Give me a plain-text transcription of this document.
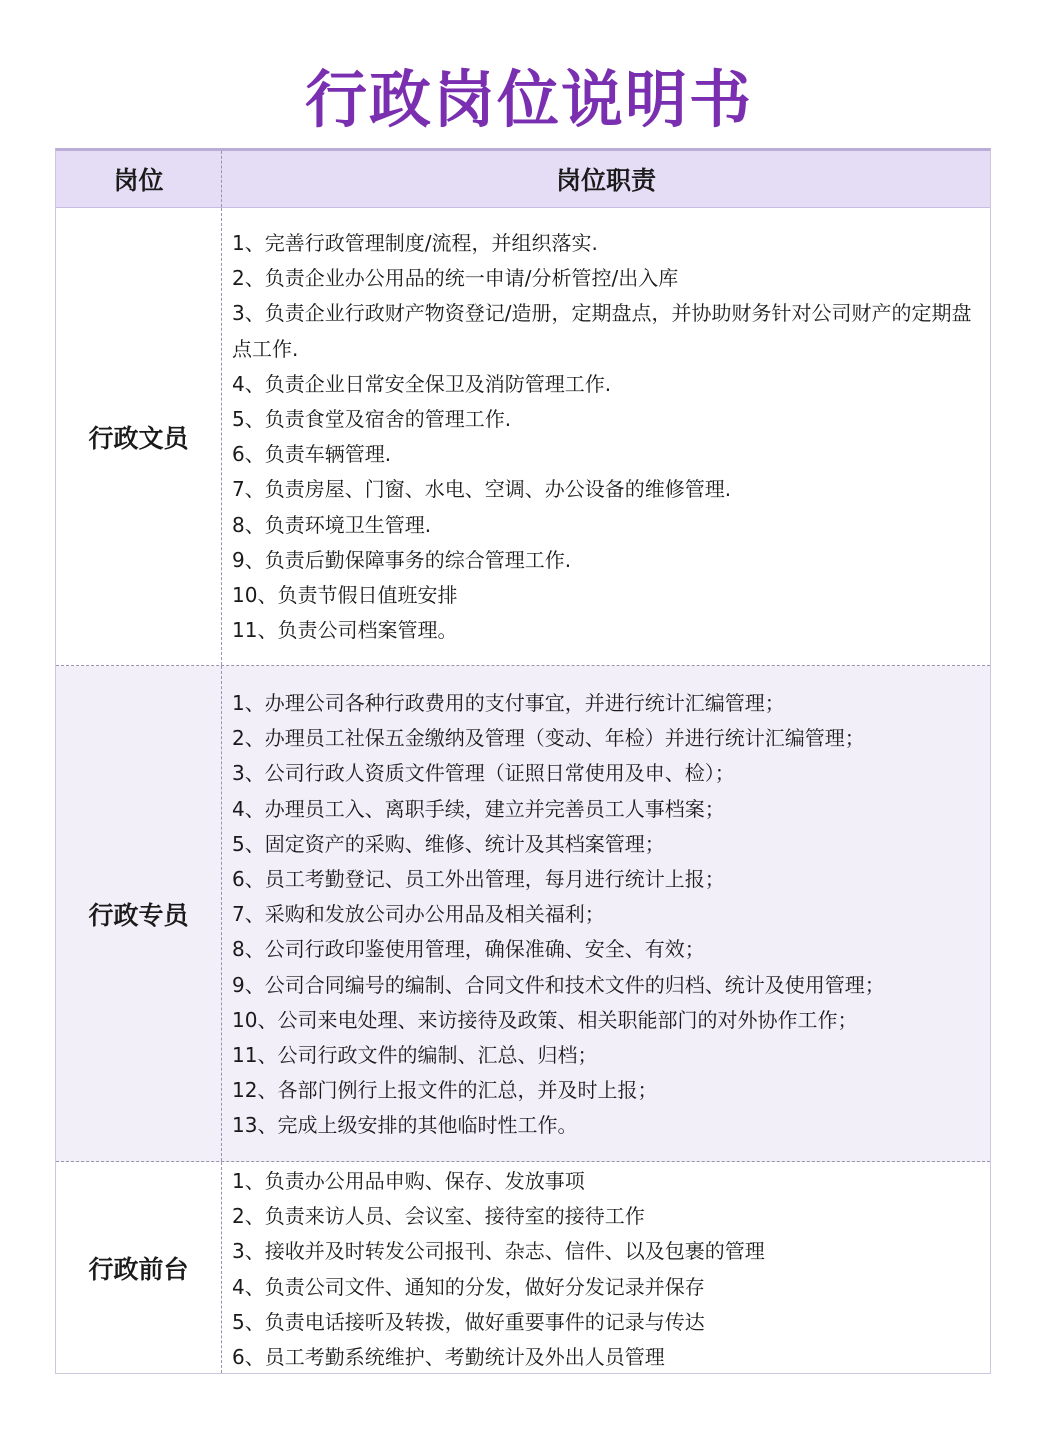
行政岗位说明书
岗位	岗位职责
行政文员
1、完善行政管理制度/流程，并组织落实.
2、负责企业办公用品的统一申请/分析管控/出入库
3、负责企业行政财产物资登记/造册，定期盘点，并协助财务针对公司财产的定期盘点工作.
4、负责企业日常安全保卫及消防管理工作.
5、负责食堂及宿舍的管理工作.
6、负责车辆管理.
7、负责房屋、门窗、水电、空调、办公设备的维修管理.
8、负责环境卫生管理.
9、负责后勤保障事务的综合管理工作.
10、负责节假日值班安排
11、负责公司档案管理。
行政专员
1、办理公司各种行政费用的支付事宜，并进行统计汇编管理；
2、办理员工社保五金缴纳及管理（变动、年检）并进行统计汇编管理；
3、公司行政人资质文件管理（证照日常使用及申、检）；
4、办理员工入、离职手续，建立并完善员工人事档案；
5、固定资产的采购、维修、统计及其档案管理；
6、员工考勤登记、员工外出管理，每月进行统计上报；
7、采购和发放公司办公用品及相关福利；
8、公司行政印鉴使用管理，确保准确、安全、有效；
9、公司合同编号的编制、合同文件和技术文件的归档、统计及使用管理；
10、公司来电处理、来访接待及政策、相关职能部门的对外协作工作；
11、公司行政文件的编制、汇总、归档；
12、各部门例行上报文件的汇总，并及时上报；
13、完成上级安排的其他临时性工作。
行政前台
1、负责办公用品申购、保存、发放事项
2、负责来访人员、会议室、接待室的接待工作
3、接收并及时转发公司报刊、杂志、信件、以及包裹的管理
4、负责公司文件、通知的分发，做好分发记录并保存
5、负责电话接听及转拨，做好重要事件的记录与传达
6、员工考勤系统维护、考勤统计及外出人员管理
